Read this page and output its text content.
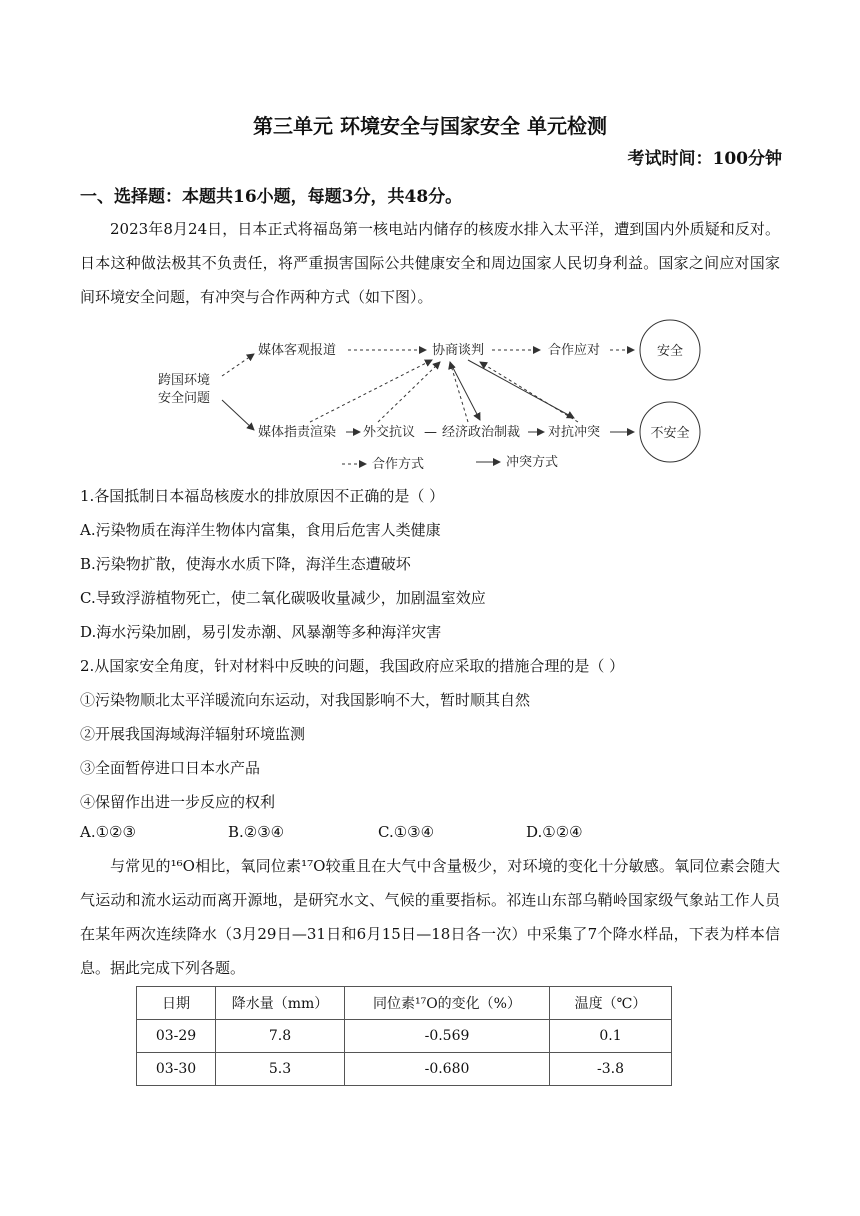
第三单元 环境安全与国家安全 单元检测
考试时间：100分钟
一、选择题：本题共16小题，每题3分，共48分。

2023年8月24日，日本正式将福岛第一核电站内储存的核废水排入太平洋，遭到国内外质疑和反对。日本这种做法极其不负责任，将严重损害国际公共健康安全和周边国家人民切身利益。国家之间应对国家间环境安全问题，有冲突与合作两种方式（如下图）。

跨国环境
安全问题
媒体客观报道	协商谈判	合作应对	安全
媒体指责渲染 外交抗议 — 经济政治制裁 对抗冲突	不安全
合作方式	冲突方式
1.各国抵制日本福岛核废水的排放原因不正确的是（ ）
A.污染物质在海洋生物体内富集，食用后危害人类健康
B.污染物扩散，使海水水质下降，海洋生态遭破坏
C.导致浮游植物死亡，使二氧化碳吸收量减少，加剧温室效应
D.海水污染加剧，易引发赤潮、风暴潮等多种海洋灾害
2.从国家安全角度，针对材料中反映的问题，我国政府应采取的措施合理的是（ ）
①污染物顺北太平洋暖流向东运动，对我国影响不大，暂时顺其自然
②开展我国海域海洋辐射环境监测
③全面暂停进口日本水产品
④保留作出进一步反应的权利
A.①②③	B.②③④	C.①③④	D.①②④

与常见的¹⁶O相比，氧同位素¹⁷O较重且在大气中含量极少，对环境的变化十分敏感。氧同位素会随大气运动和流水运动而离开源地，是研究水文、气候的重要指标。祁连山东部乌鞘岭国家级气象站工作人员在某年两次连续降水（3月29日—31日和6月15日—18日各一次）中采集了7个降水样品，下表为样本信息。据此完成下列各题。

日期	降水量（mm）	同位素¹⁷O的变化（%）	温度（℃）
03-29	7.8	-0.569	0.1
03-30	5.3	-0.680	-3.8
